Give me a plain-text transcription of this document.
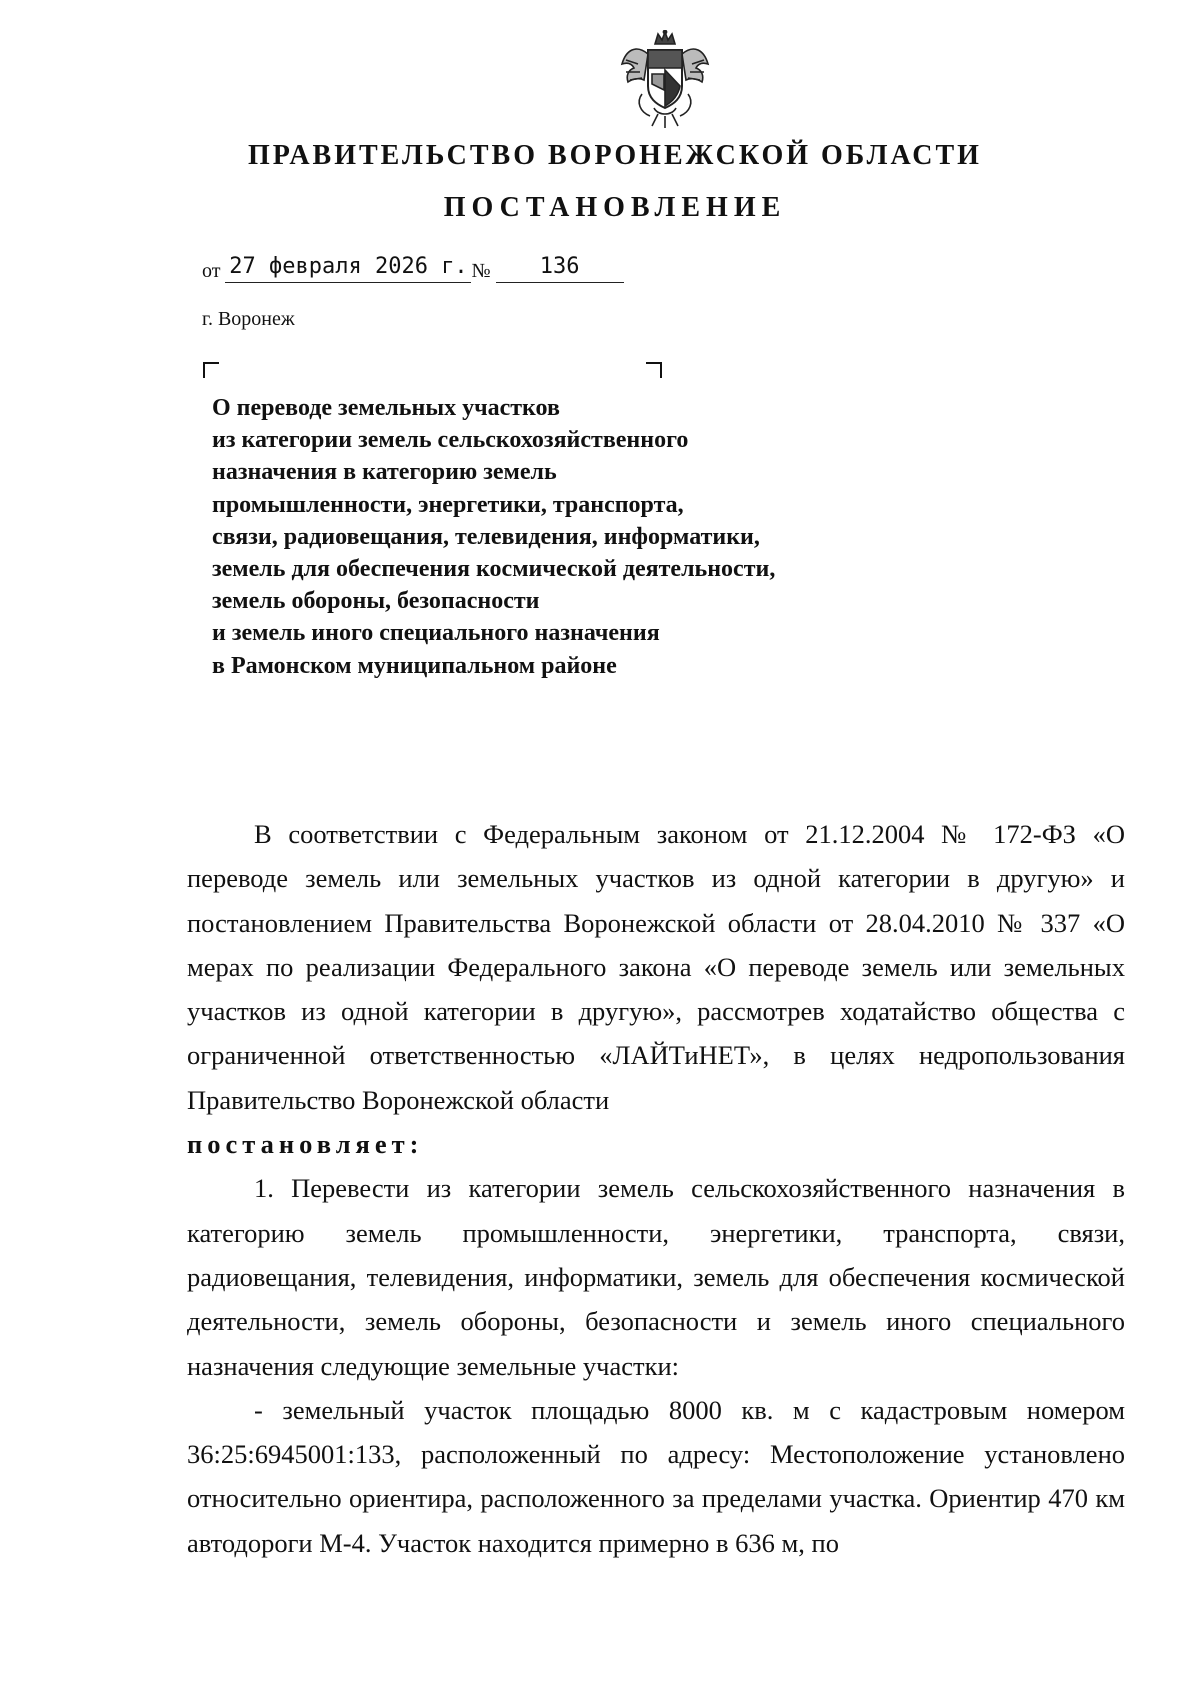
ПРАВИТЕЛЬСТВО ВОРОНЕЖСКОЙ ОБЛАСТИ
ПОСТАНОВЛЕНИЕ
от 27 февраля 2026 г. № 136
г. Воронеж
О переводе земельных участков
из категории земель сельскохозяйственного
назначения в категорию земель
промышленности, энергетики, транспорта,
связи, радиовещания, телевидения, информатики,
земель для обеспечения космической деятельности,
земель обороны, безопасности
и земель иного специального назначения
в Рамонском муниципальном районе

В соответствии с Федеральным законом от 21.12.2004 № 172-ФЗ «О переводе земель или земельных участков из одной категории в другую» и постановлением Правительства Воронежской области от 28.04.2010 № 337 «О мерах по реализации Федерального закона «О переводе земель или земельных участков из одной категории в другую», рассмотрев ходатайство общества с ограниченной ответственностью «ЛАЙТиНЕТ», в целях недропользования Правительство Воронежской области

постановляет:

1. Перевести из категории земель сельскохозяйственного назначения в категорию земель промышленности, энергетики, транспорта, связи, радиовещания, телевидения, информатики, земель для обеспечения космической деятельности, земель обороны, безопасности и земель иного специального назначения следующие земельные участки:

- земельный участок площадью 8000 кв. м с кадастровым номером 36:25:6945001:133, расположенный по адресу: Местоположение установлено относительно ориентира, расположенного за пределами участка. Ориентир 470 км автодороги М-4. Участок находится примерно в 636 м, по
